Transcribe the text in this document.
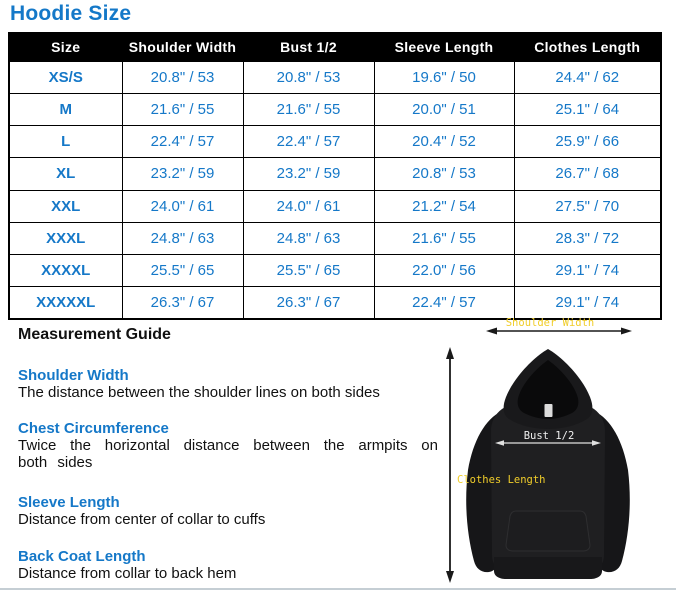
Hoodie Size
Size	Shoulder Width	Bust 1/2	Sleeve Length	Clothes Length
XS/S	20.8" / 53	20.8" / 53	19.6" / 50	24.4" / 62
M	21.6" / 55	21.6" / 55	20.0" / 51	25.1" / 64
L	22.4" / 57	22.4" / 57	20.4" / 52	25.9" / 66
XL	23.2" / 59	23.2" / 59	20.8" / 53	26.7" / 68
XXL	24.0" / 61	24.0" / 61	21.2" / 54	27.5" / 70
XXXL	24.8" / 63	24.8" / 63	21.6" / 55	28.3" / 72
XXXXL	25.5" / 65	25.5" / 65	22.0" / 56	29.1" / 74
XXXXXL	26.3" / 67	26.3" / 67	22.4" / 57	29.1" / 74
Measurement Guide
Shoulder Width

The distance between the shoulder lines on both sides

Chest Circumference

Twice the horizontal distance between the armpits on both sides

Sleeve Length

Distance from center of collar to cuffs

Back Coat Length

Distance from collar to back hem

Shoulder Width
Clothes Length
Bust 1/2
